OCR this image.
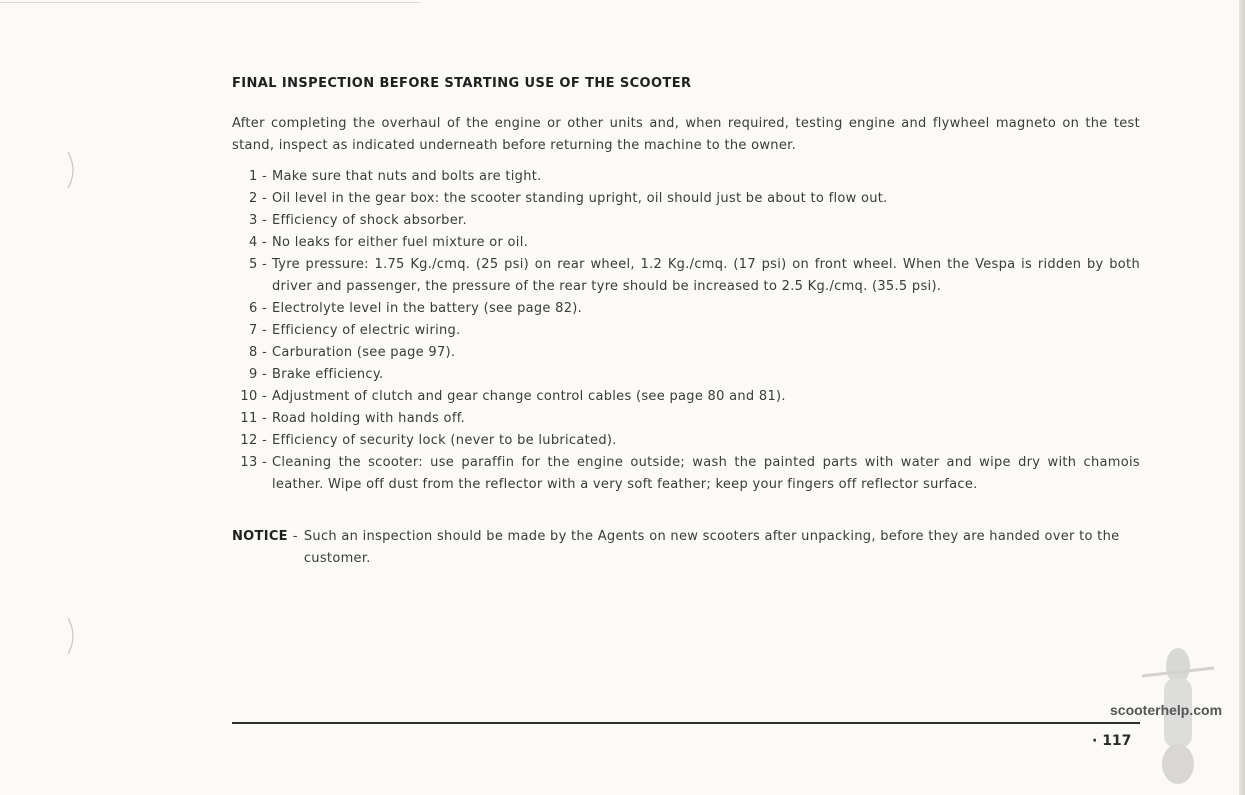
FINAL INSPECTION BEFORE STARTING USE OF THE SCOOTER
After completing the overhaul of the engine or other units and, when required, testing engine and flywheel magneto on the test stand, inspect as indicated underneath before returning the machine to the owner.
1 - Make sure that nuts and bolts are tight.
2 - Oil level in the gear box: the scooter standing upright, oil should just be about to flow out.
3 - Efficiency of shock absorber.
4 - No leaks for either fuel mixture or oil.
5 - Tyre pressure: 1.75 Kg./cmq. (25 psi) on rear wheel, 1.2 Kg./cmq. (17 psi) on front wheel. When the Vespa is ridden by both driver and passenger, the pressure of the rear tyre should be increased to 2.5 Kg./cmq. (35.5 psi).
6 - Electrolyte level in the battery (see page 82).
7 - Efficiency of electric wiring.
8 - Carburation (see page 97).
9 - Brake efficiency.
10 - Adjustment of clutch and gear change control cables (see page 80 and 81).
11 - Road holding with hands off.
12 - Efficiency of security lock (never to be lubricated).
13 - Cleaning the scooter: use paraffin for the engine outside; wash the painted parts with water and wipe dry with chamois leather. Wipe off dust from the reflector with a very soft feather; keep your fingers off reflector surface.
NOTICE - Such an inspection should be made by the Agents on new scooters after unpacking, before they are handed over to the customer.
scooterhelp.com
· 117
